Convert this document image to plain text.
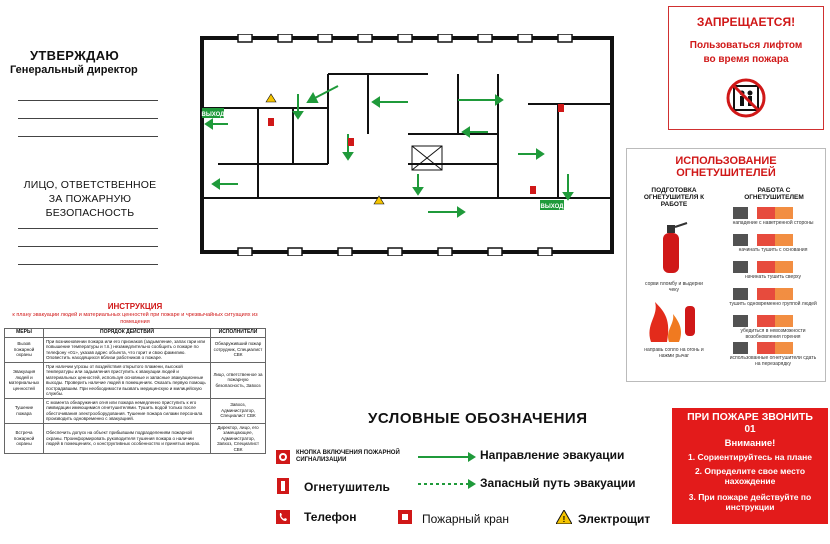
УТВЕРЖДАЮ
Генеральный директор
ЛИЦО, ОТВЕТСТВЕННОЕ
ЗА ПОЖАРНУЮ БЕЗОПАСНОСТЬ
ВЫХОД
ВЫХОД
ЗАПРЕЩАЕТСЯ!
Пользоваться лифтом
во время пожара
ИСПОЛЬЗОВАНИЕ
ОГНЕТУШИТЕЛЕЙ
ПОДГОТОВКА ОГНЕТУШИТЕЛЯ К РАБОТЕ
РАБОТА С ОГНЕТУШИТЕЛЕМ
сорви пломбу и выдерни чеку
направь сопло на огонь и нажми рычаг
нападение с наветренной стороны
начинать тушить с основания
начинать тушить сверху
тушить одновременно группой людей
убедиться в невозможности возобновления горения
использованные огнетушители сдать на перезарядку
ИНСТРУКЦИЯ
к плану эвакуации людей и материальных ценностей при пожаре и чрезвычайных ситуациях из помещения
МЕРЫ	ПОРЯДОК ДЕЙСТВИЙ	ИСПОЛНИТЕЛИ
Вызов пожарной охраны	При возникновении пожара или его признаков (задымление, запах гари или повышение температуры и т.п.) незамедлительно сообщить о пожаре по телефону «01», указав адрес объекта, что горит и свою фамилию. Оповестить находящихся вблизи работников о пожаре.	Обнаруживший пожар сотрудник, Специалист СВК
Эвакуация людей и материальных ценностей	При наличии угрозы от воздействия открытого пламени, высокой температуры или задымления приступить к эвакуации людей и материальных ценностей, используя основные и запасные эвакуационные выходы. Проверить наличие людей в помещениях. Оказать первую помощь пострадавшим. При необходимости вызвать медицинскую и милицейскую службы.	Лицо, ответственное за пожарную безопасность, Завхоз
Тушение пожара	С момента обнаружения огня или пожара немедленно приступить к его ликвидации имеющимися огнетушителями. Тушить водой только после обесточивания электрооборудования. Тушение пожара силами персонала производить одновременно с эвакуацией.	Завхоз, Администратор, Специалист СВК
Встреча пожарной охраны	Обеспечить допуск на объект прибывшим подразделениям пожарной охраны. Проинформировать руководителя тушения пожара о наличии людей в помещениях, о конструктивных особенностях и принятых мерах.	Директор, лицо, его замещающее, Администратор, Завхоз, Специалист СВК
УСЛОВНЫЕ ОБОЗНАЧЕНИЯ
КНОПКА ВКЛЮЧЕНИЯ ПОЖАРНОЙ СИГНАЛИЗАЦИИ	Направление эвакуации
Огнетушитель	Запасный путь эвакуации
Телефон	Пожарный кран	! Электрощит
ПРИ ПОЖАРЕ ЗВОНИТЬ
01
Внимание!
1. Сориентируйтесь на плане
2. Определите свое место нахождение
3. При пожаре действуйте по инструкции
